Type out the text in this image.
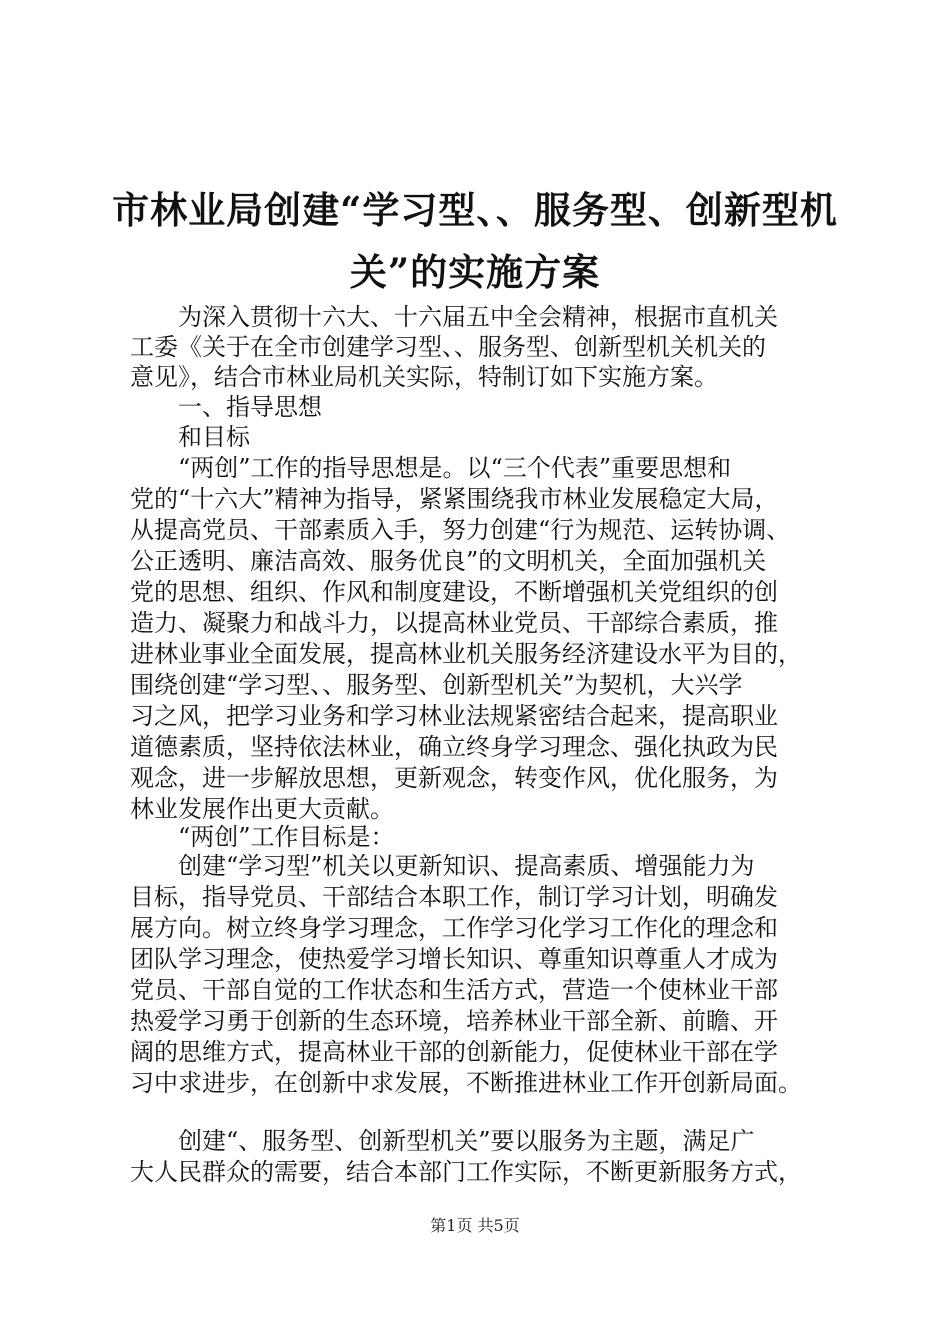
市林业局创建“学习型、、服务型、创新型机
关”的实施方案

　　为深入贯彻十六大、十六届五中全会精神，根据市直机关

工委《关于在全市创建学习型、、服务型、创新型机关机关的

意见》，结合市林业局机关实际，特制订如下实施方案。

　　一、指导思想

　　和目标

　　“两创”工作的指导思想是。以“三个代表”重要思想和

党的“十六大”精神为指导，紧紧围绕我市林业发展稳定大局，

从提高党员、干部素质入手，努力创建“行为规范、运转协调、

公正透明、廉洁高效、服务优良”的文明机关，全面加强机关

党的思想、组织、作风和制度建设，不断增强机关党组织的创

造力、凝聚力和战斗力，以提高林业党员、干部综合素质，推

进林业事业全面发展，提高林业机关服务经济建设水平为目的，

围绕创建“学习型、、服务型、创新型机关”为契机，大兴学

习之风，把学习业务和学习林业法规紧密结合起来，提高职业

道德素质，坚持依法林业，确立终身学习理念、强化执政为民

观念，进一步解放思想，更新观念，转变作风，优化服务，为

林业发展作出更大贡献。

　　“两创”工作目标是：

　　创建“学习型”机关以更新知识、提高素质、增强能力为

目标，指导党员、干部结合本职工作，制订学习计划，明确发

展方向。树立终身学习理念，工作学习化学习工作化的理念和

团队学习理念，使热爱学习增长知识、尊重知识尊重人才成为

党员、干部自觉的工作状态和生活方式，营造一个使林业干部

热爱学习勇于创新的生态环境，培养林业干部全新、前瞻、开

阔的思维方式，提高林业干部的创新能力，促使林业干部在学

习中求进步，在创新中求发展，不断推进林业工作开创新局面。

　　创建“、服务型、创新型机关”要以服务为主题，满足广

大人民群众的需要，结合本部门工作实际，不断更新服务方式，

第1页 共5页
